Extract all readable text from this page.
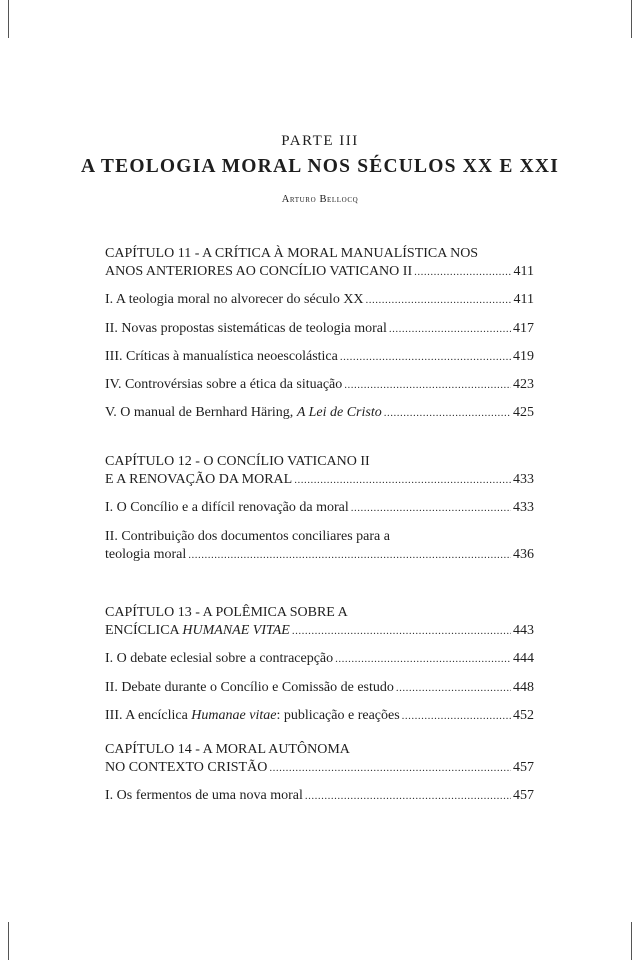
PARTE III
A TEOLOGIA MORAL NOS SÉCULOS XX E XXI
Arturo Bellocq
CAPÍTULO 11 - A CRÍTICA À MORAL MANUALÍSTICA NOS
ANOS ANTERIORES AO CONCÍLIO VATICANO II .....	411
I. A teologia moral no alvorecer do século XX .....	411
II. Novas propostas sistemáticas de teologia moral .....	417
III. Críticas à manualística neoescolástica .....	419
IV. Controvérsias sobre a ética da situação .....	423
V. O manual de Bernhard Häring, A Lei de Cristo .....	425
CAPÍTULO 12 - O CONCÍLIO VATICANO II
E A RENOVAÇÃO DA MORAL .....	433
I. O Concílio e a difícil renovação da moral .....	433
II. Contribuição dos documentos conciliares para a
teologia moral .....	436
CAPÍTULO 13 - A POLÊMICA SOBRE A
ENCÍCLICA HUMANAE VITAE .....	443
I. O debate eclesial sobre a contracepção .....	444
II. Debate durante o Concílio e Comissão de estudo .....	448
III. A encíclica Humanae vitae: publicação e reações .....	452
CAPÍTULO 14 - A MORAL AUTÔNOMA
NO CONTEXTO CRISTÃO .....	457
I. Os fermentos de uma nova moral .....	457
